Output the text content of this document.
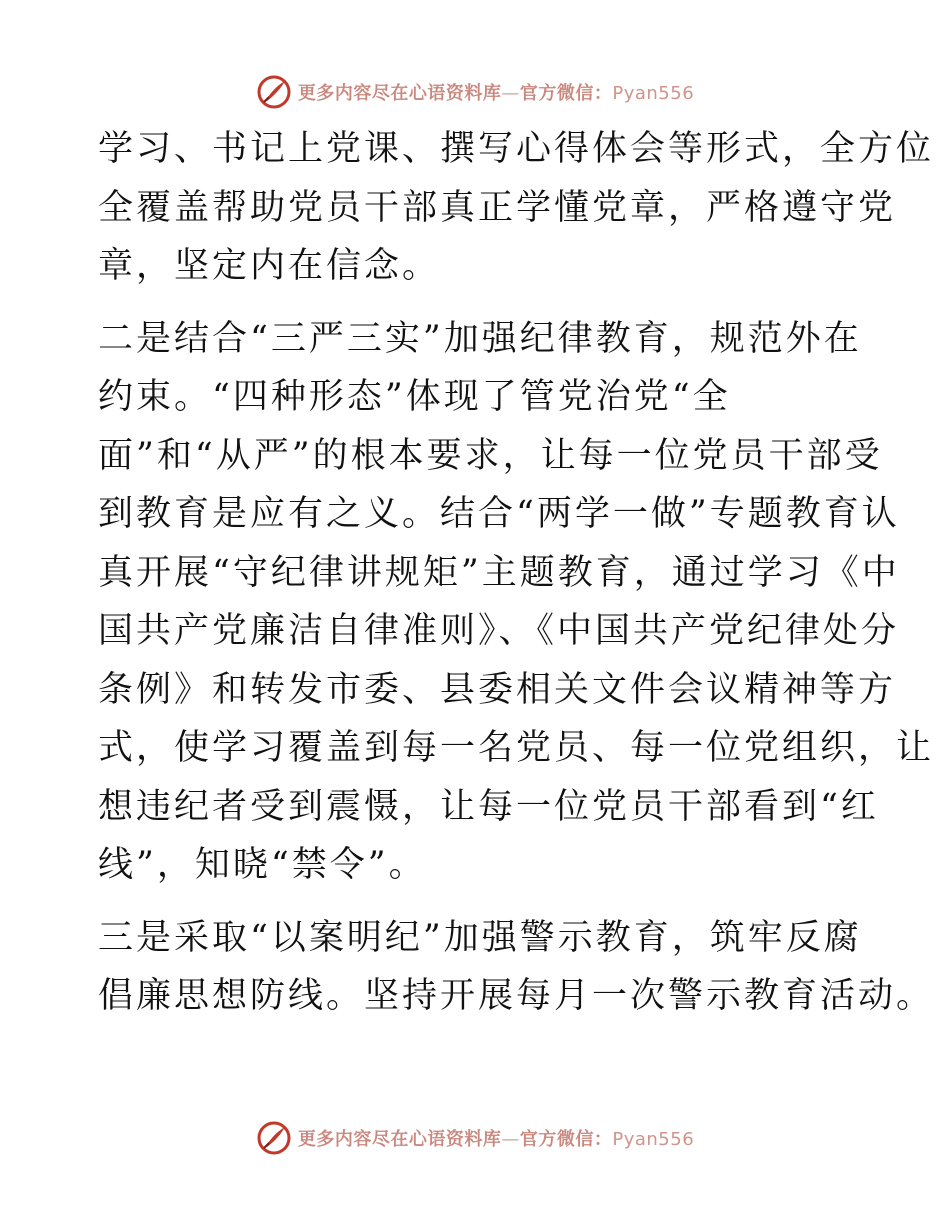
更多内容尽在心语资料库—官方微信：Pyan556
学习、书记上党课、撰写心得体会等形式，全方位
全覆盖帮助党员干部真正学懂党章，严格遵守党
章，坚定内在信念。
二是结合“三严三实”加强纪律教育，规范外在
约束。“四种形态”体现了管党治党“全
面”和“从严”的根本要求，让每一位党员干部受
到教育是应有之义。结合“两学一做”专题教育认
真开展“守纪律讲规矩”主题教育，通过学习《中
国共产党廉洁自律准则》、《中国共产党纪律处分
条例》和转发市委、县委相关文件会议精神等方
式，使学习覆盖到每一名党员、每一位党组织，让
想违纪者受到震慑，让每一位党员干部看到“红
线”，知晓“禁令”。
三是采取“以案明纪”加强警示教育，筑牢反腐
倡廉思想防线。坚持开展每月一次警示教育活动。
更多内容尽在心语资料库—官方微信：Pyan556
